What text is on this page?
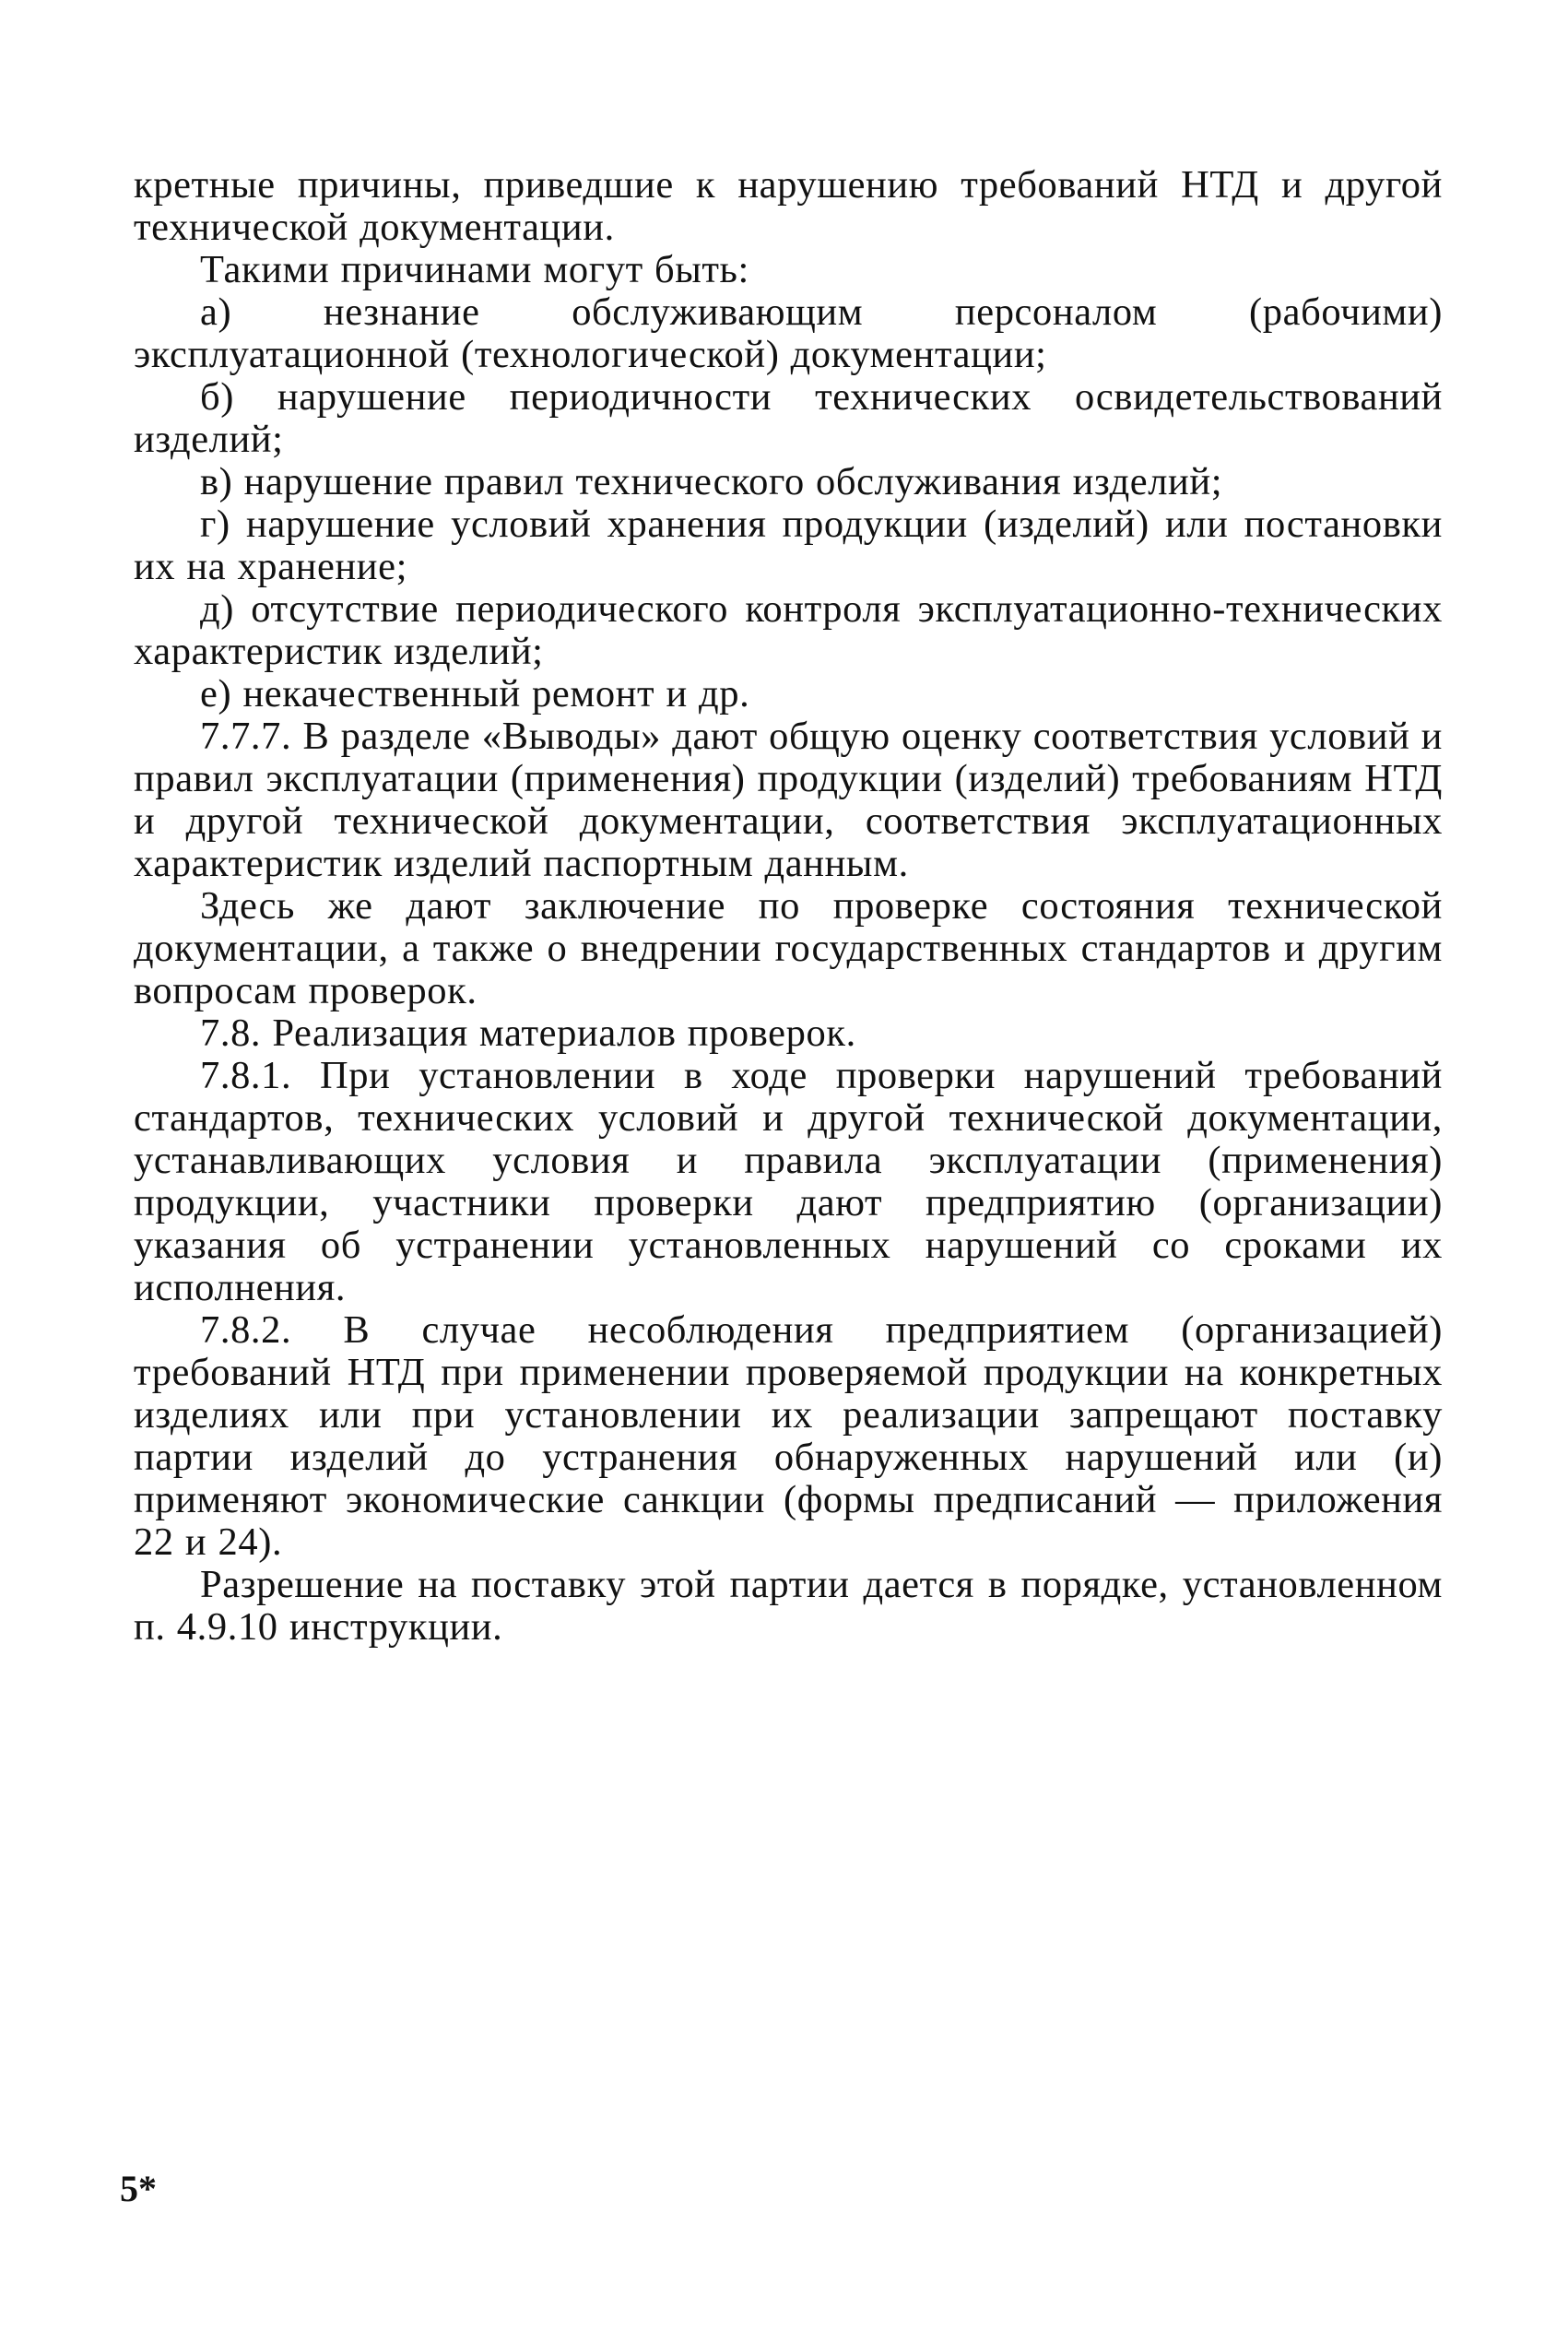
кретные причины, приведшие к нарушению требований НТД и другой технической документации.

Такими причинами могут быть:

а) незнание обслуживающим персоналом (рабочими) эксплуатационной (технологической) документации;

б) нарушение периодичности технических освидетельствований изделий;

в) нарушение правил технического обслуживания изделий;

г) нарушение условий хранения продукции (изделий) или постановки их на хранение;

д) отсутствие периодического контроля эксплуатационно-технических характеристик изделий;

е) некачественный ремонт и др.

7.7.7. В разделе «Выводы» дают общую оценку соответствия условий и правил эксплуатации (применения) продукции (изделий) требованиям НТД и другой технической документации, соответствия эксплуатационных характеристик изделий паспортным данным.

Здесь же дают заключение по проверке состояния технической документации, а также о внедрении государственных стандартов и другим вопросам проверок.

7.8. Реализация материалов проверок.

7.8.1. При установлении в ходе проверки нарушений требований стандартов, технических условий и другой технической документации, устанавливающих условия и правила эксплуатации (применения) продукции, участники проверки дают предприятию (организации) указания об устранении установленных нарушений со сроками их исполнения.

7.8.2. В случае несоблюдения предприятием (организацией) требований НТД при применении проверяемой продукции на конкретных изделиях или при установлении их реализации запрещают поставку партии изделий до устранения обнаруженных нарушений или (и) применяют экономические санкции (формы предписаний — приложения 22 и 24).

Разрешение на поставку этой партии дается в порядке, установленном п. 4.9.10 инструкции.

5*
